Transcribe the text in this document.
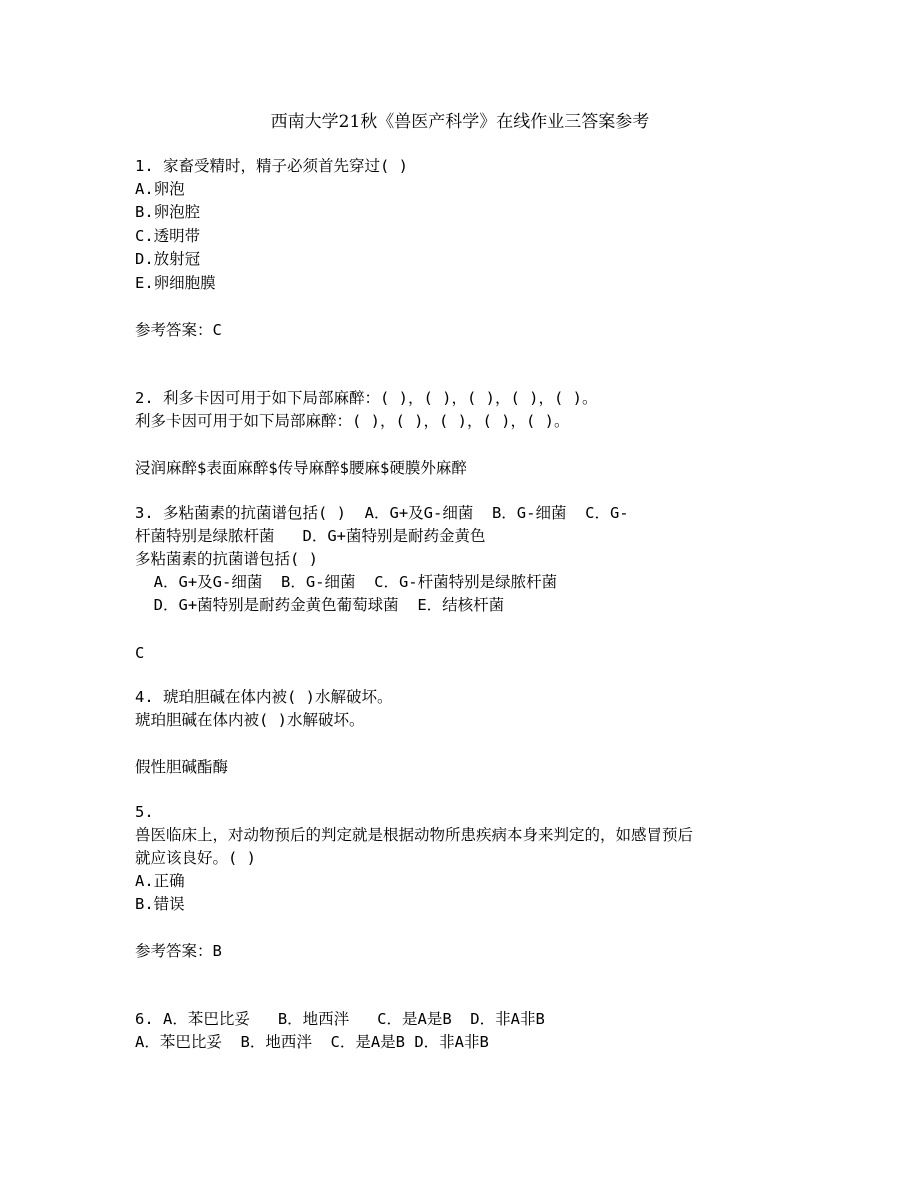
西南大学21秋《兽医产科学》在线作业三答案参考
1. 家畜受精时，精子必须首先穿过( )
A.卵泡
B.卵泡腔
C.透明带
D.放射冠
E.卵细胞膜
参考答案：C
2. 利多卡因可用于如下局部麻醉：( )，( )，( )，( )，( )。
利多卡因可用于如下局部麻醉：( )，( )，( )，( )，( )。
浸润麻醉$表面麻醉$传导麻醉$腰麻$硬膜外麻醉
3. 多粘菌素的抗菌谱包括( )  A．G+及G-细菌  B．G-细菌  C．G-
杆菌特别是绿脓杆菌   D．G+菌特别是耐药金黄色
多粘菌素的抗菌谱包括( )
A．G+及G-细菌  B．G-细菌  C．G-杆菌特别是绿脓杆菌
D．G+菌特别是耐药金黄色葡萄球菌  E．结核杆菌
C
4. 琥珀胆碱在体内被( )水解破坏。
琥珀胆碱在体内被( )水解破坏。
假性胆碱酯酶
5.
兽医临床上，对动物预后的判定就是根据动物所患疾病本身来判定的，如感冒预后
就应该良好。( )
A.正确
B.错误
参考答案：B
6. A．苯巴比妥   B．地西泮   C．是A是B  D．非A非B
A．苯巴比妥  B．地西泮  C．是A是B D．非A非B
